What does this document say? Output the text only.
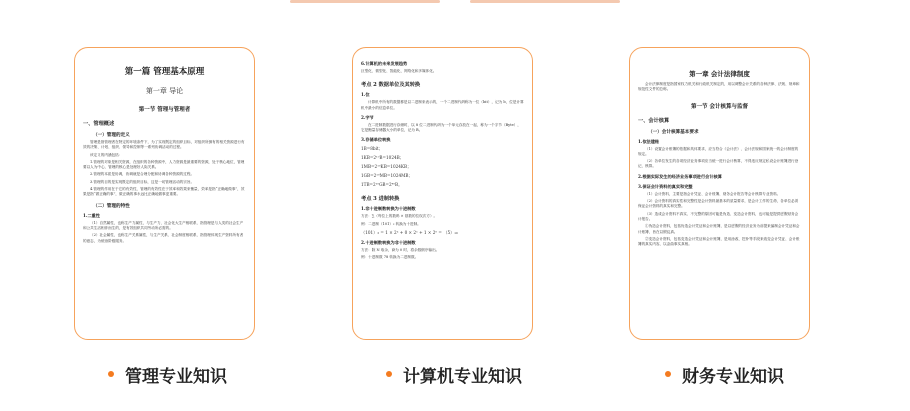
第一篇 管理基本原理
第一章 导论
第一节 管理与管理者
一、管理概述
（一）管理的定义
管理是指管理者在特定的环境条件下，为了实现既定的组织目标，对组织所拥有的相关资源进行有效的决策、计划、组织、领导和控制等一系列协调活动的过程。
该定义的内涵包括：
1.管理的对象是相关资源，在组织的各种资源中，人力资源是最重要的资源，处于核心地位，管理要以人为中心，管理的核心是处理好人际关系。
2.管理的本质是协调，协调就是合理分配和协调各种资源的过程。
3.管理的目的是实现既定的组织目标，这是一切管理活动的宗旨。
4.管理的作用在于它的有效性，管理的有效性在于效率和效果来衡量，效率是指“正确地做事”，效果是指“做正确的事”，做正确的事永远比正确地做事更重要。
（二）管理的特性
1.二重性
（1）自然属性，也称生产力属性，与生产力、社会化大生产相联系，指管理是与人类的社会生产和公共生活相伴而生的，是有效组织共同劳动所必需的。
（2）社会属性，也称生产关系属性，与生产关系、社会制度相联系，指管理体现生产资料所有者的意志，为统治阶级服务。
6.计算机的未来发展趋势
巨型化、微型化、智能化、网络化和多媒体化。
考点 2 数据单位及其转换
1.位
计算机中所有的数据都是以二进制来表示的，一个二进制代码称为一位（bit），记为 b，位是计算机中最小的信息单位。
2.字节
在二进制数据进行存储时，以 8 位二进制代码为一个单元存放在一起，称为一个字节（Byte），它是衡量存储器大小的单位，记为 B。
3.存储单位转换
1B=8bit；
1KB=2¹⁰B=1024B；
1MB=2¹⁰KB=1024KB；
1GB=2¹⁰MB=1024MB；
1TB=2¹⁰GB=2⁴⁰B。
考点 3 进制转换
1.非十进制数转换为十进制数
方法：∑（每位上的数码 × 基数的位权次方）。
例：二进制（101）₂ 转换为十进制。
（101）₂ = 1 × 2² + 0 × 2¹ + 1 × 2⁰ = （5）₁₀
2.十进制数转换为非十进制数
方法：除 N 取余，商为 0 时，将余数倒序输出。
例：十进制数 78 转换为二进制数。
第一章 会计法律制度
会计法律制度是指国家权力机关和行政机关制定的，用以调整会计关系的各种法律、法规、规章和规范性文件的总称。
第一节 会计核算与监督
一、会计核算
（一）会计核算基本要求
1.依法建账
（1）设置会计账簿的依据和具体要求，应当符合《会计法》、会计法规和国家统一的会计制度的规定。
（2）各单位发生的各项经济业务事项应当统一进行会计核算，不得违反规定私设会计账簿进行登记、核算。
2.根据实际发生的经济业务事项进行会计核算
3.保证会计资料的真实和完整
（1）会计资料，主要是指会计凭证、会计账簿、财务会计报告等会计核算专业资料。
（2）会计资料的真实性和完整性是会计资料最基本的质量要求，是会计工作的生命，各单位必须保证会计资料的真实和完整。
（3）造成会计资料不真实、不完整的原因可能是伪造、变造会计资料，也可能是提供虚假财务会计报告。
①伪造会计资料，包括伪造会计凭证和会计账簿，是以虚假的经济业务为前提来编制会计凭证和会计账簿，旨在以假乱真。
②变造会计资料，包括变造会计凭证和会计账簿，是用涂改、挖补等手段来改变会计凭证、会计账簿的真实内容，以歪曲事实真相。
管理专业知识	计算机专业知识	财务专业知识
